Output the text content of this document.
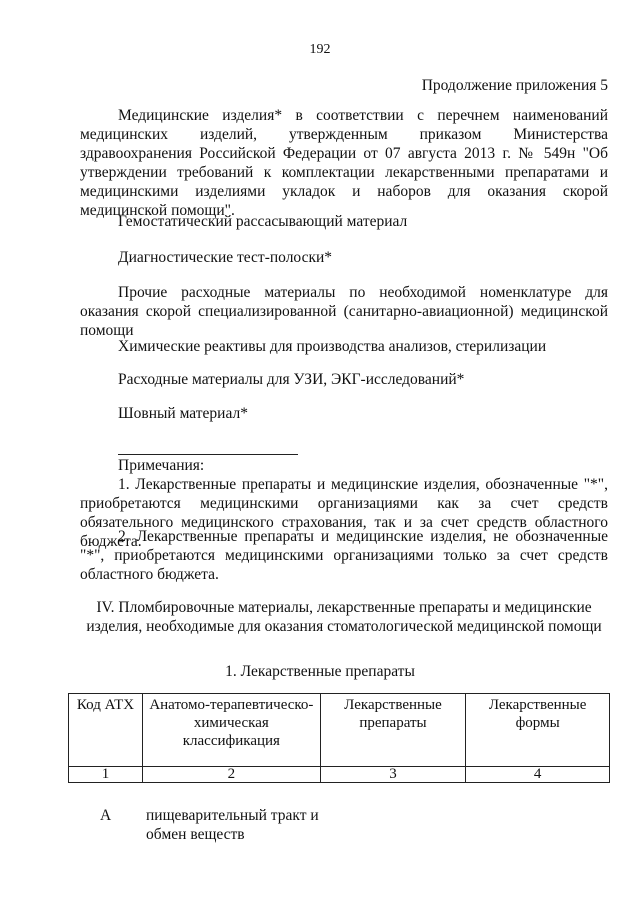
192
Продолжение приложения 5
Медицинские изделия* в соответствии с перечнем наименований медицинских изделий, утвержденным приказом Министерства здравоохранения Российской Федерации от 07 августа 2013 г. № 549н "Об утверждении требований к комплектации лекарственными препаратами и медицинскими изделиями укладок и наборов для оказания скорой медицинской помощи".
Гемостатический рассасывающий материал
Диагностические тест-полоски*
Прочие расходные материалы по необходимой номенклатуре для оказания скорой специализированной (санитарно-авиационной) медицинской помощи
Химические реактивы для производства анализов, стерилизации
Расходные материалы для УЗИ, ЭКГ-исследований*
Шовный материал*
Примечания:
1. Лекарственные препараты и медицинские изделия, обозначенные "*", приобретаются медицинскими организациями как за счет средств обязательного медицинского страхования, так и за счет средств областного бюджета.
2. Лекарственные препараты и медицинские изделия, не обозначенные "*", приобретаются медицинскими организациями только за счет средств областного бюджета.
IV. Пломбировочные материалы, лекарственные препараты и медицинские изделия, необходимые для оказания стоматологической медицинской помощи
1. Лекарственные препараты
Код АТХ	Анатомо-терапевтическо-химическая классификация	Лекарственные препараты	Лекарственные формы
1	2	3	4
А пищеварительный тракт и обмен веществ
